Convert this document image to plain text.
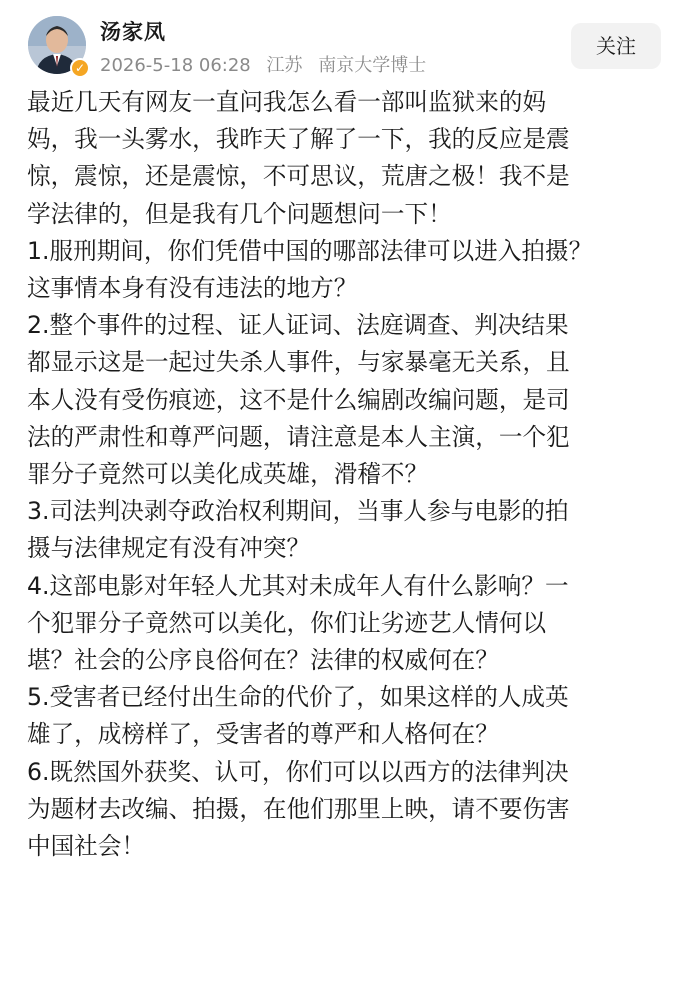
✓
汤家凤
2026-5-18 06:28 江苏 南京大学博士
关注

最近几天有网友一直问我怎么看一部叫监狱来的妈
妈，我一头雾水，我昨天了解了一下，我的反应是震
惊，震惊，还是震惊，不可思议，荒唐之极！我不是
学法律的，但是我有几个问题想问一下！

1.服刑期间，你们凭借中国的哪部法律可以进入拍摄？
这事情本身有没有违法的地方？

2.整个事件的过程、证人证词、法庭调查、判决结果
都显示这是一起过失杀人事件，与家暴毫无关系，且
本人没有受伤痕迹，这不是什么编剧改编问题，是司
法的严肃性和尊严问题，请注意是本人主演，一个犯
罪分子竟然可以美化成英雄，滑稽不？

3.司法判决剥夺政治权利期间，当事人参与电影的拍
摄与法律规定有没有冲突？

4.这部电影对年轻人尤其对未成年人有什么影响？一
个犯罪分子竟然可以美化，你们让劣迹艺人情何以
堪？社会的公序良俗何在？法律的权威何在？

5.受害者已经付出生命的代价了，如果这样的人成英
雄了，成榜样了，受害者的尊严和人格何在？

6.既然国外获奖、认可，你们可以以西方的法律判决
为题材去改编、拍摄，在他们那里上映，请不要伤害
中国社会！
